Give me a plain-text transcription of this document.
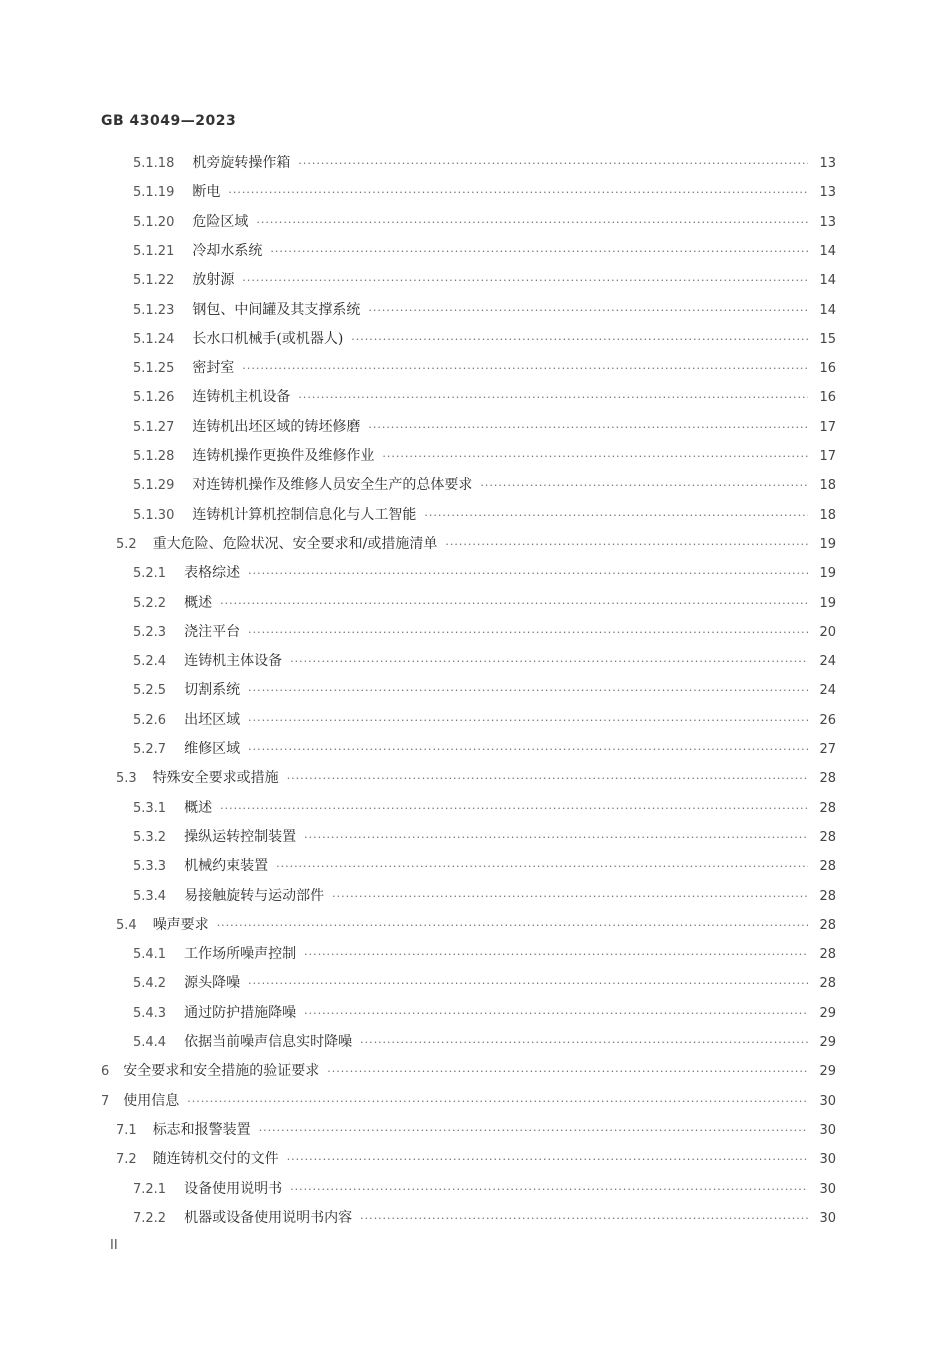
GB 43049—2023
5.1.18 机旁旋转操作箱 ·····	13
5.1.19 断电 ·····	13
5.1.20 危险区域 ·····	13
5.1.21 冷却水系统 ·····	14
5.1.22 放射源 ·····	14
5.1.23 钢包、中间罐及其支撑系统 ·····	14
5.1.24 长水口机械手(或机器人) ·····	15
5.1.25 密封室 ·····	16
5.1.26 连铸机主机设备 ·····	16
5.1.27 连铸机出坯区域的铸坯修磨 ·····	17
5.1.28 连铸机操作更换件及维修作业 ·····	17
5.1.29 对连铸机操作及维修人员安全生产的总体要求 ·····	18
5.1.30 连铸机计算机控制信息化与人工智能 ·····	18
5.2 重大危险、危险状况、安全要求和/或措施清单 ·····	19
5.2.1 表格综述 ·····	19
5.2.2 概述 ·····	19
5.2.3 浇注平台 ·····	20
5.2.4 连铸机主体设备 ·····	24
5.2.5 切割系统 ·····	24
5.2.6 出坯区域 ·····	26
5.2.7 维修区域 ·····	27
5.3 特殊安全要求或措施 ·····	28
5.3.1 概述 ·····	28
5.3.2 操纵运转控制装置 ·····	28
5.3.3 机械约束装置 ·····	28
5.3.4 易接触旋转与运动部件 ·····	28
5.4 噪声要求 ·····	28
5.4.1 工作场所噪声控制 ·····	28
5.4.2 源头降噪 ·····	28
5.4.3 通过防护措施降噪 ·····	29
5.4.4 依据当前噪声信息实时降噪 ·····	29
6 安全要求和安全措施的验证要求 ·····	29
7 使用信息 ·····	30
7.1 标志和报警装置 ·····	30
7.2 随连铸机交付的文件 ·····	30
7.2.1 设备使用说明书 ·····	30
7.2.2 机器或设备使用说明书内容 ·····	30
II
